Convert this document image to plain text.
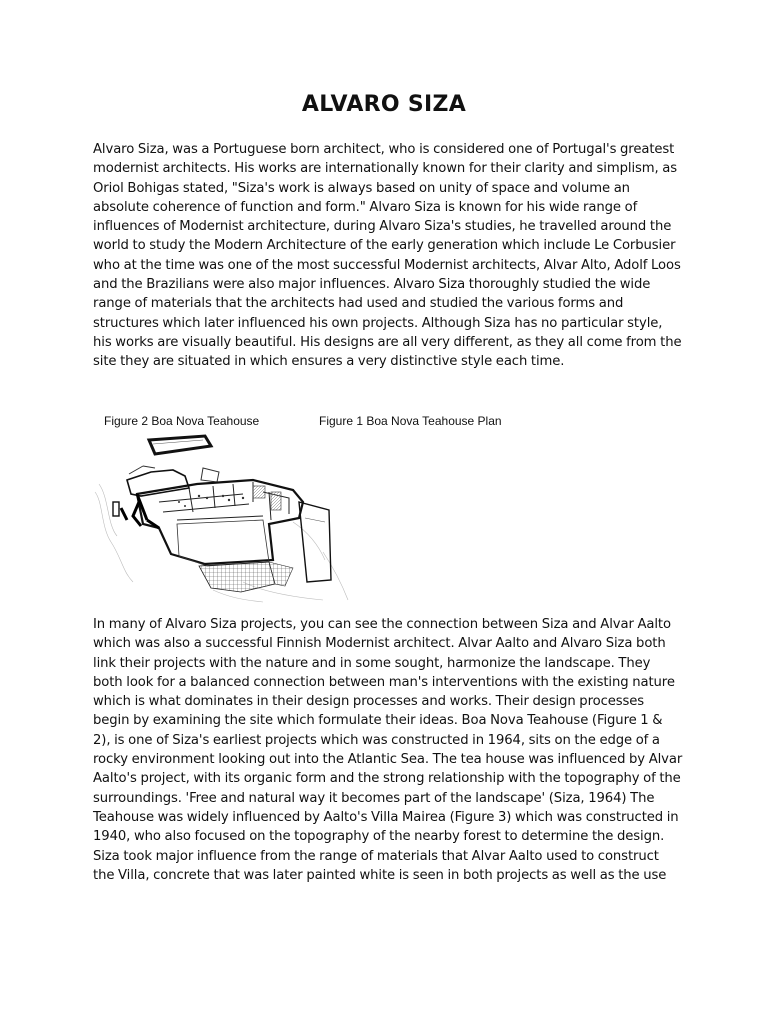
ALVARO SIZA

Alvaro Siza, was a Portuguese born architect, who is considered one of Portugal's greatest modernist architects. His works are internationally known for their clarity and simplism, as Oriol Bohigas stated, "Siza's work is always based on unity of space and volume an absolute coherence of function and form." Alvaro Siza is known for his wide range of influences of Modernist architecture, during Alvaro Siza's studies, he travelled around the world to study the Modern Architecture of the early generation which include Le Corbusier who at the time was one of the most successful Modernist architects, Alvar Alto, Adolf Loos and the Brazilians were also major influences. Alvaro Siza thoroughly studied the wide range of materials that the architects had used and studied the various forms and structures which later influenced his own projects. Although Siza has no particular style, his works are visually beautiful. His designs are all very different, as they all come from the site they are situated in which ensures a very distinctive style each time.

Figure 2 Boa Nova Teahouse	Figure 1 Boa Nova Teahouse Plan

In many of Alvaro Siza projects, you can see the connection between Siza and Alvar Aalto which was also a successful Finnish Modernist architect. Alvar Aalto and Alvaro Siza both link their projects with the nature and in some sought, harmonize the landscape. They both look for a balanced connection between man's interventions with the existing nature which is what dominates in their design processes and works. Their design processes begin by examining the site which formulate their ideas. Boa Nova Teahouse (Figure 1 & 2), is one of Siza's earliest projects which was constructed in 1964, sits on the edge of a rocky environment looking out into the Atlantic Sea. The tea house was influenced by Alvar Aalto's project, with its organic form and the strong relationship with the topography of the surroundings. 'Free and natural way it becomes part of the landscape' (Siza, 1964) The Teahouse was widely influenced by Aalto's Villa Mairea (Figure 3) which was constructed in 1940, who also focused on the topography of the nearby forest to determine the design. Siza took major influence from the range of materials that Alvar Aalto used to construct the Villa, concrete that was later painted white is seen in both projects as well as the use
